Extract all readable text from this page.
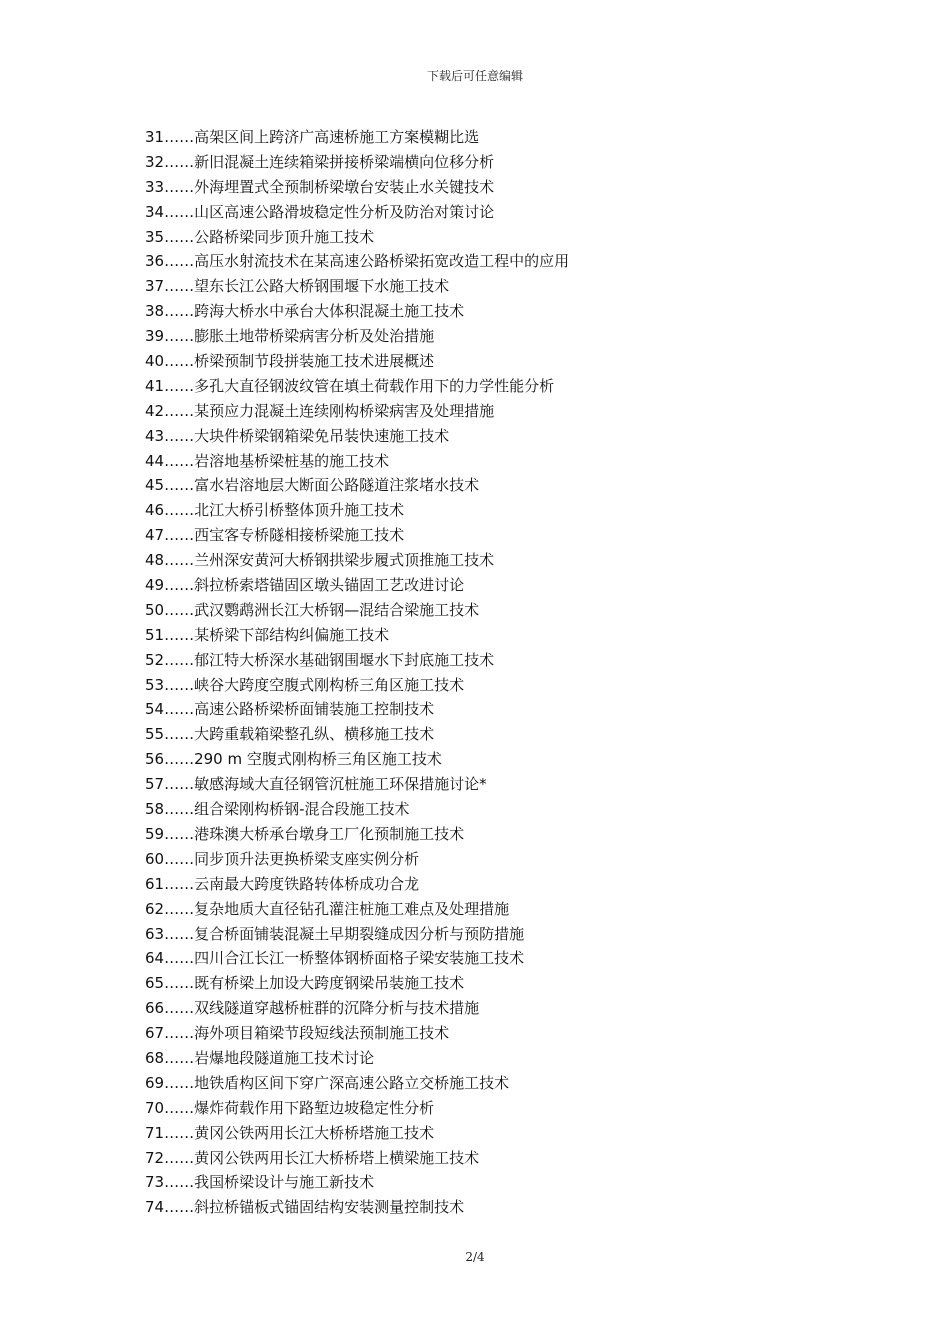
下载后可任意编辑
31……高架区间上跨济广高速桥施工方案模糊比选
32……新旧混凝土连续箱梁拼接桥梁端横向位移分析
33……外海埋置式全预制桥梁墩台安装止水关键技术
34……山区高速公路滑坡稳定性分析及防治对策讨论
35……公路桥梁同步顶升施工技术
36……高压水射流技术在某高速公路桥梁拓宽改造工程中的应用
37……望东长江公路大桥钢围堰下水施工技术
38……跨海大桥水中承台大体积混凝土施工技术
39……膨胀土地带桥梁病害分析及处治措施
40……桥梁预制节段拼装施工技术进展概述
41……多孔大直径钢波纹管在填土荷载作用下的力学性能分析
42……某预应力混凝土连续刚构桥梁病害及处理措施
43……大块件桥梁钢箱梁免吊装快速施工技术
44……岩溶地基桥梁桩基的施工技术
45……富水岩溶地层大断面公路隧道注浆堵水技术
46……北江大桥引桥整体顶升施工技术
47……西宝客专桥隧相接桥梁施工技术
48……兰州深安黄河大桥钢拱梁步履式顶推施工技术
49……斜拉桥索塔锚固区墩头锚固工艺改进讨论
50……武汉鹦鹉洲长江大桥钢—混结合梁施工技术
51……某桥梁下部结构纠偏施工技术
52……郁江特大桥深水基础钢围堰水下封底施工技术
53……峡谷大跨度空腹式刚构桥三角区施工技术
54……高速公路桥梁桥面铺装施工控制技术
55……大跨重载箱梁整孔纵、横移施工技术
56……290 m 空腹式刚构桥三角区施工技术
57……敏感海域大直径钢管沉桩施工环保措施讨论*
58……组合梁刚构桥钢-混合段施工技术
59……港珠澳大桥承台墩身工厂化预制施工技术
60……同步顶升法更换桥梁支座实例分析
61……云南最大跨度铁路转体桥成功合龙
62……复杂地质大直径钻孔灌注桩施工难点及处理措施
63……复合桥面铺装混凝土早期裂缝成因分析与预防措施
64……四川合江长江一桥整体钢桥面格子梁安装施工技术
65……既有桥梁上加设大跨度钢梁吊装施工技术
66……双线隧道穿越桥桩群的沉降分析与技术措施
67……海外项目箱梁节段短线法预制施工技术
68……岩爆地段隧道施工技术讨论
69……地铁盾构区间下穿广深高速公路立交桥施工技术
70……爆炸荷载作用下路堑边坡稳定性分析
71……黄冈公铁两用长江大桥桥塔施工技术
72……黄冈公铁两用长江大桥桥塔上横梁施工技术
73……我国桥梁设计与施工新技术
74……斜拉桥锚板式锚固结构安装测量控制技术
2/4
